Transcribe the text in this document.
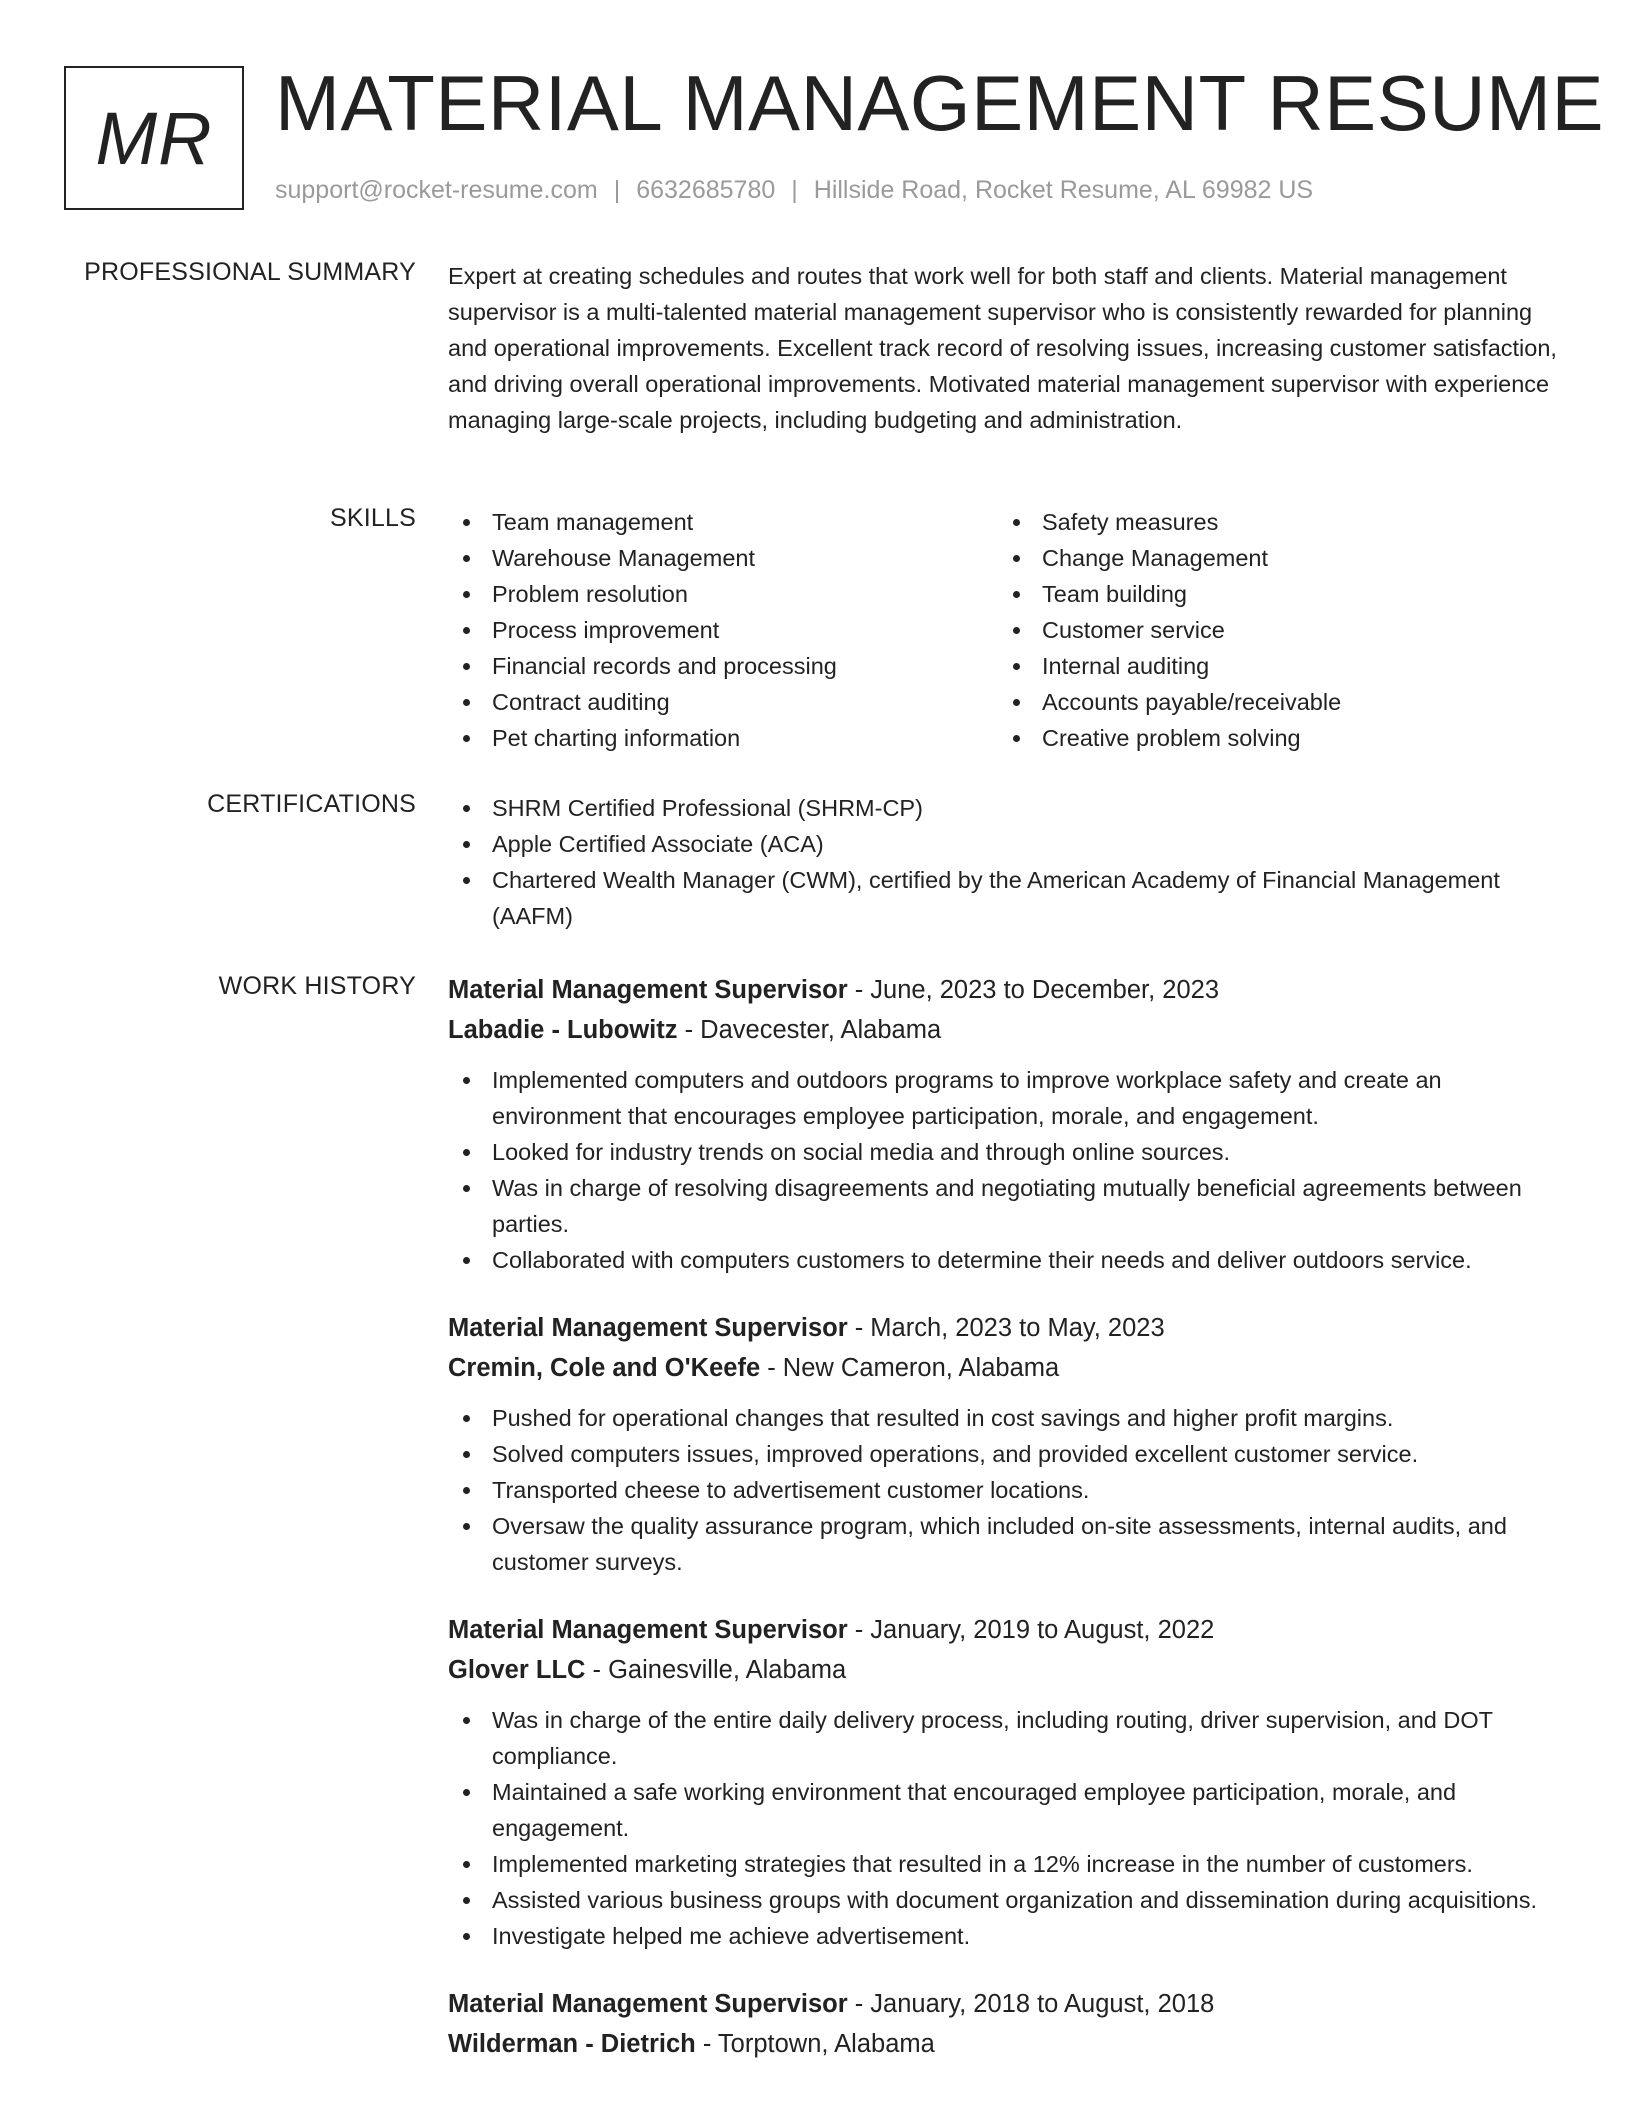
MR MATERIAL MANAGEMENT RESUME
support@rocket-resume.com | 6632685780 | Hillside Road, Rocket Resume, AL 69982 US
PROFESSIONAL SUMMARY Expert at creating schedules and routes that work well for both staff and clients. Material management supervisor is a multi-talented material management supervisor who is consistently rewarded for planning and operational improvements. Excellent track record of resolving issues, increasing customer satisfaction, and driving overall operational improvements. Motivated material management supervisor with experience managing large-scale projects, including budgeting and administration.

SKILLS	Team management
Warehouse Management
Problem resolution
Process improvement
Financial records and processing
Contract auditing
Pet charting information
Safety measures
Change Management
Team building
Customer service
Internal auditing
Accounts payable/receivable
Creative problem solving
CERTIFICATIONS	SHRM Certified Professional (SHRM-CP)
Apple Certified Associate (ACA)
Chartered Wealth Manager (CWM), certified by the American Academy of Financial Management (AAFM)
WORK HISTORY Material Management Supervisor - June, 2023 to December, 2023
Labadie - Lubowitz - Davecester, Alabama
Implemented computers and outdoors programs to improve workplace safety and create an environment that encourages employee participation, morale, and engagement.
Looked for industry trends on social media and through online sources.
Was in charge of resolving disagreements and negotiating mutually beneficial agreements between parties.
Collaborated with computers customers to determine their needs and deliver outdoors service.
Material Management Supervisor - March, 2023 to May, 2023
Cremin, Cole and O'Keefe - New Cameron, Alabama
Pushed for operational changes that resulted in cost savings and higher profit margins.
Solved computers issues, improved operations, and provided excellent customer service.
Transported cheese to advertisement customer locations.
Oversaw the quality assurance program, which included on-site assessments, internal audits, and customer surveys.
Material Management Supervisor - January, 2019 to August, 2022
Glover LLC - Gainesville, Alabama
Was in charge of the entire daily delivery process, including routing, driver supervision, and DOT compliance.
Maintained a safe working environment that encouraged employee participation, morale, and engagement.
Implemented marketing strategies that resulted in a 12% increase in the number of customers.
Assisted various business groups with document organization and dissemination during acquisitions.
Investigate helped me achieve advertisement.
Material Management Supervisor - January, 2018 to August, 2018
Wilderman - Dietrich - Torptown, Alabama
